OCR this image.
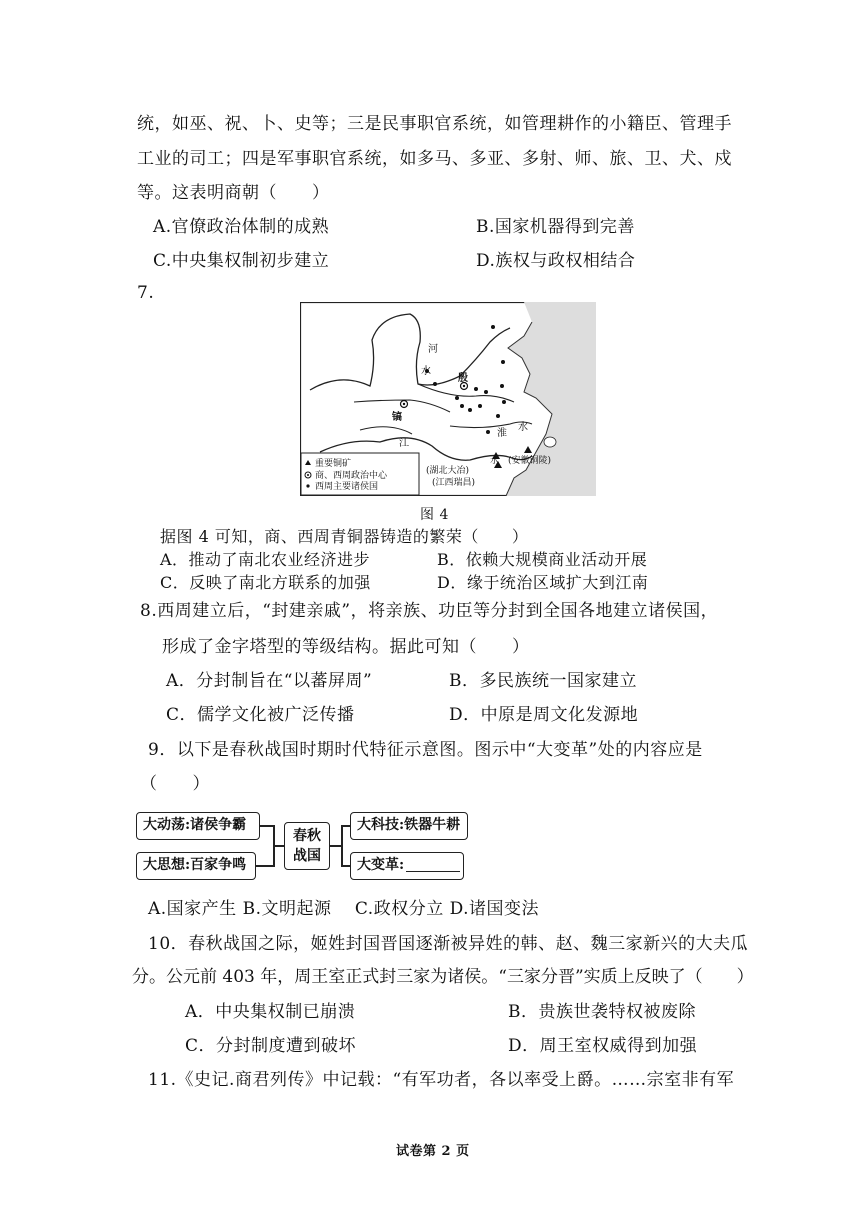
统，如巫、祝、卜、史等；三是民事职官系统，如管理耕作的小籍臣、管理手
工业的司工；四是军事职官系统，如多马、多亚、多射、师、旅、卫、犬、戍
等。这表明商朝（　　）
A.官僚政治体制的成熟	B.国家机器得到完善
C.中央集权制初步建立	D.族权与政权相结合
7.
河
水
殷
镐
江
淮
水
水
(湖北大冶)
(江西瑞昌)
(安徽铜陵)
重要铜矿
商、西周政治中心
西周主要诸侯国
图 4
据图 4 可知，商、西周青铜器铸造的繁荣（　　）
A．推动了南北农业经济进步	B．依赖大规模商业活动开展
C．反映了南北方联系的加强	D．缘于统治区域扩大到江南
8.西周建立后，“封建亲戚”，将亲族、功臣等分封到全国各地建立诸侯国，
形成了金字塔型的等级结构。据此可知（　　）
A．分封制旨在“以蕃屏周”	B．多民族统一国家建立
C．儒学文化被广泛传播	D．中原是周文化发源地
9．以下是春秋战国时期时代特征示意图。图示中“大变革”处的内容应是
（　　）
大动荡:诸侯争霸
大思想:百家争鸣
春秋
战国
大科技:铁器牛耕
大变革:
A.国家产生 B.文明起源　 C.政权分立 D.诸国变法
10．春秋战国之际，姬姓封国晋国逐渐被异姓的韩、赵、魏三家新兴的大夫瓜
分。公元前 403 年，周王室正式封三家为诸侯。“三家分晋”实质上反映了（　　）
A．中央集权制已崩溃	B．贵族世袭特权被废除
C．分封制度遭到破坏	D．周王室权威得到加强
11.《史记.商君列传》中记载：“有军功者，各以率受上爵。……宗室非有军
试卷第 2 页
